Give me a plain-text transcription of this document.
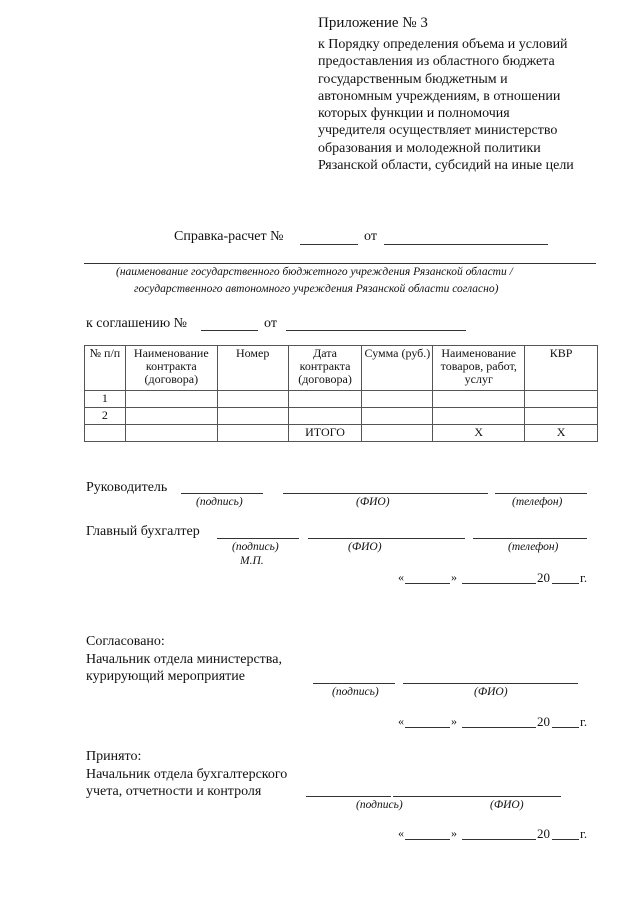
Приложение № 3
к Порядку определения объема и условий
предоставления из областного бюджета
государственным бюджетным и
автономным учреждениям, в отношении
которых функции и полномочия
учредителя осуществляет министерство
образования и молодежной политики
Рязанской области, субсидий на иные цели
Справка-расчет №	от
(наименование государственного бюджетного учреждения Рязанской области /
государственного автономного учреждения Рязанской области согласно)
к соглашению №	от
№ п/п	Наименование контракта (договора)	Номер	Дата контракта (договора)	Сумма (руб.)	Наименование товаров, работ, услуг	КВР
1						
2						
			ИТОГО		Х	Х
Руководитель
(подпись)	(ФИО)	(телефон)
Главный бухгалтер
(подпись)	(ФИО)	(телефон)
М.П.
«	»	20 г.
Согласовано:
Начальник отдела министерства,
курирующий мероприятие
(подпись)	(ФИО)
«	»	20 г.
Принято:
Начальник отдела бухгалтерского
учета, отчетности и контроля
(подпись)	(ФИО)
«	»	20 г.
